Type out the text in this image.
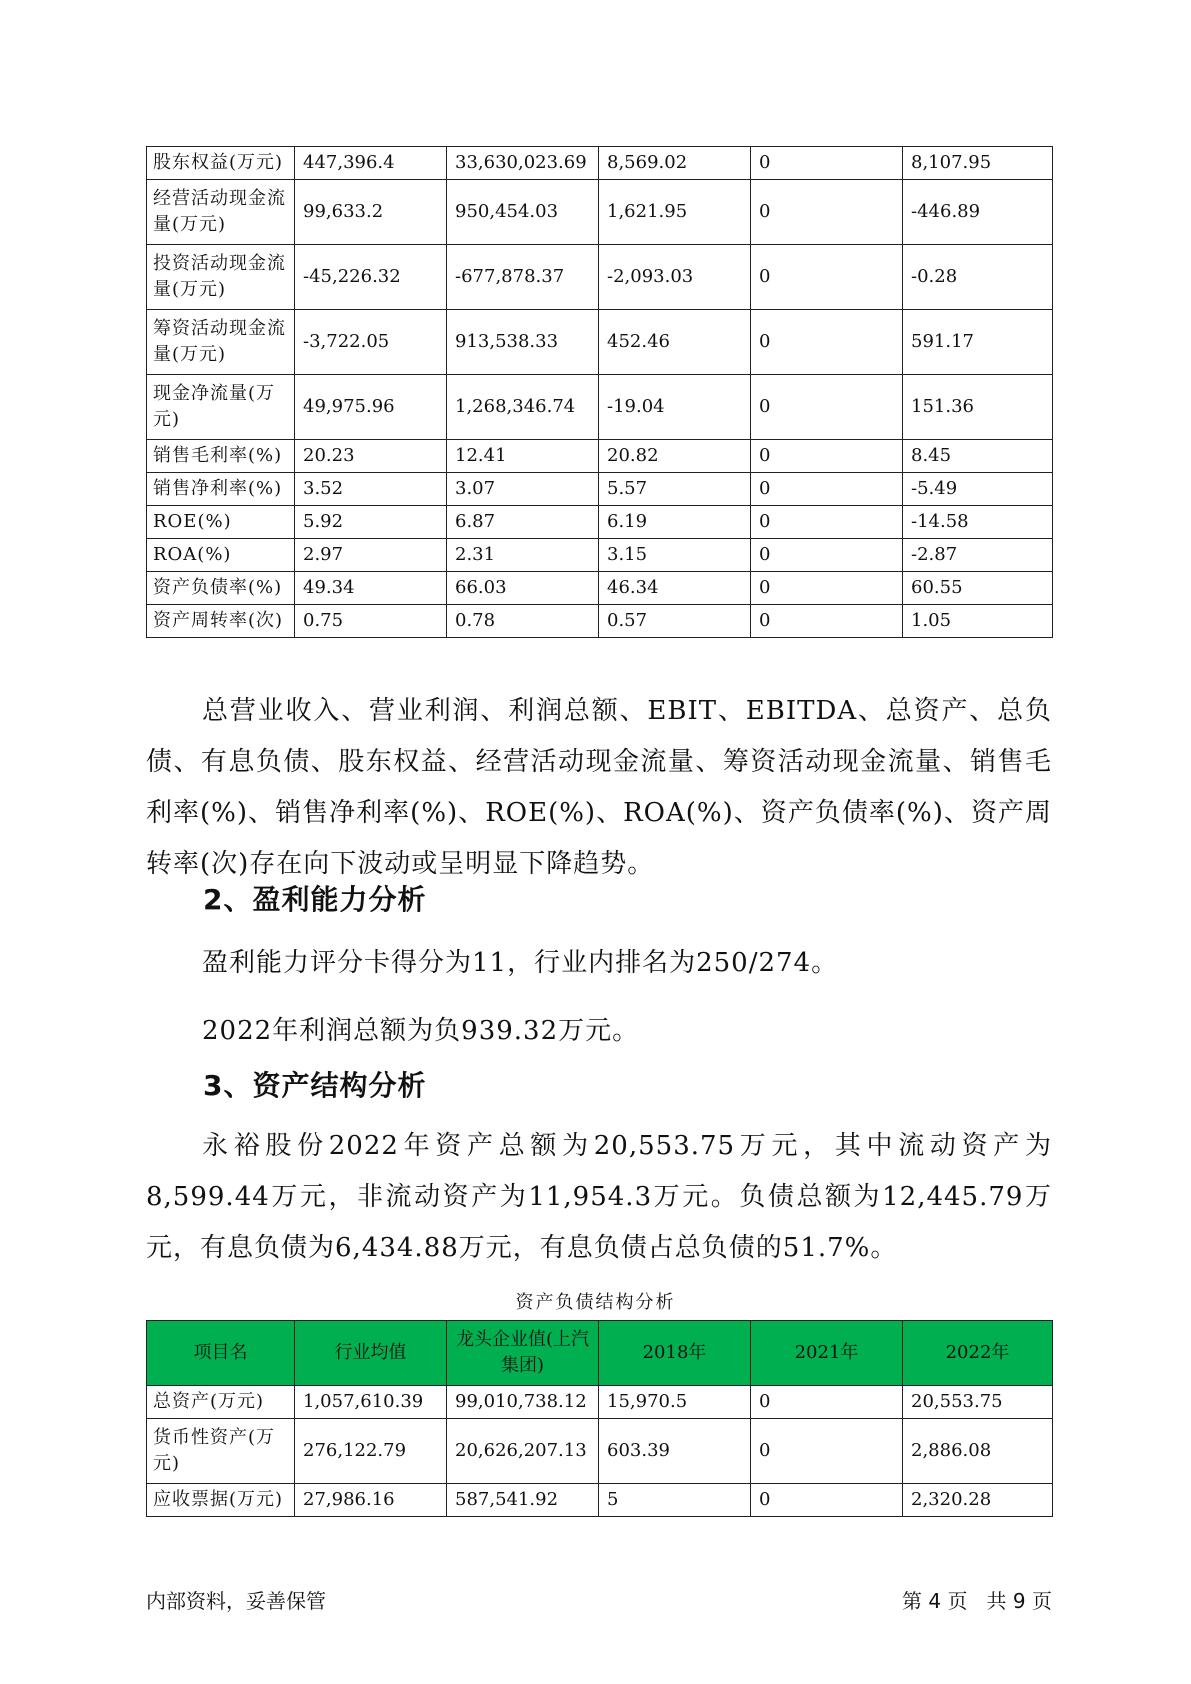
股东权益(万元)	447,396.4	33,630,023.69	8,569.02	0	8,107.95
经营活动现金流量(万元)	99,633.2	950,454.03	1,621.95	0	-446.89
投资活动现金流量(万元)	-45,226.32	-677,878.37	-2,093.03	0	-0.28
筹资活动现金流量(万元)	-3,722.05	913,538.33	452.46	0	591.17
现金净流量(万元)	49,975.96	1,268,346.74	-19.04	0	151.36
销售毛利率(%)	20.23	12.41	20.82	0	8.45
销售净利率(%)	3.52	3.07	5.57	0	-5.49
ROE(%)	5.92	6.87	6.19	0	-14.58
ROA(%)	2.97	2.31	3.15	0	-2.87
资产负债率(%)	49.34	66.03	46.34	0	60.55
资产周转率(次)	0.75	0.78	0.57	0	1.05

总营业收入、营业利润、利润总额、EBIT、EBITDA、总资产、总负债、有息负债、股东权益、经营活动现金流量、筹资活动现金流量、销售毛利率(%)、销售净利率(%)、ROE(%)、ROA(%)、资产负债率(%)、资产周转率(次)存在向下波动或呈明显下降趋势。

2、盈利能力分析

盈利能力评分卡得分为11，行业内排名为250/274。

2022年利润总额为负939.32万元。

3、资产结构分析

永裕股份2022年资产总额为20,553.75万元，其中流动资产为8,599.44万元，非流动资产为11,954.3万元。负债总额为12,445.79万元，有息负债为6,434.88万元，有息负债占总负债的51.7%。

资产负债结构分析
项目名	行业均值	龙头企业值(上汽集团)	2018年	2021年	2022年
总资产(万元)	1,057,610.39	99,010,738.12	15,970.5	0	20,553.75
货币性资产(万元)	276,122.79	20,626,207.13	603.39	0	2,886.08
应收票据(万元)	27,986.16	587,541.92	5	0	2,320.28
内部资料，妥善保管	第 4 页   共 9 页
